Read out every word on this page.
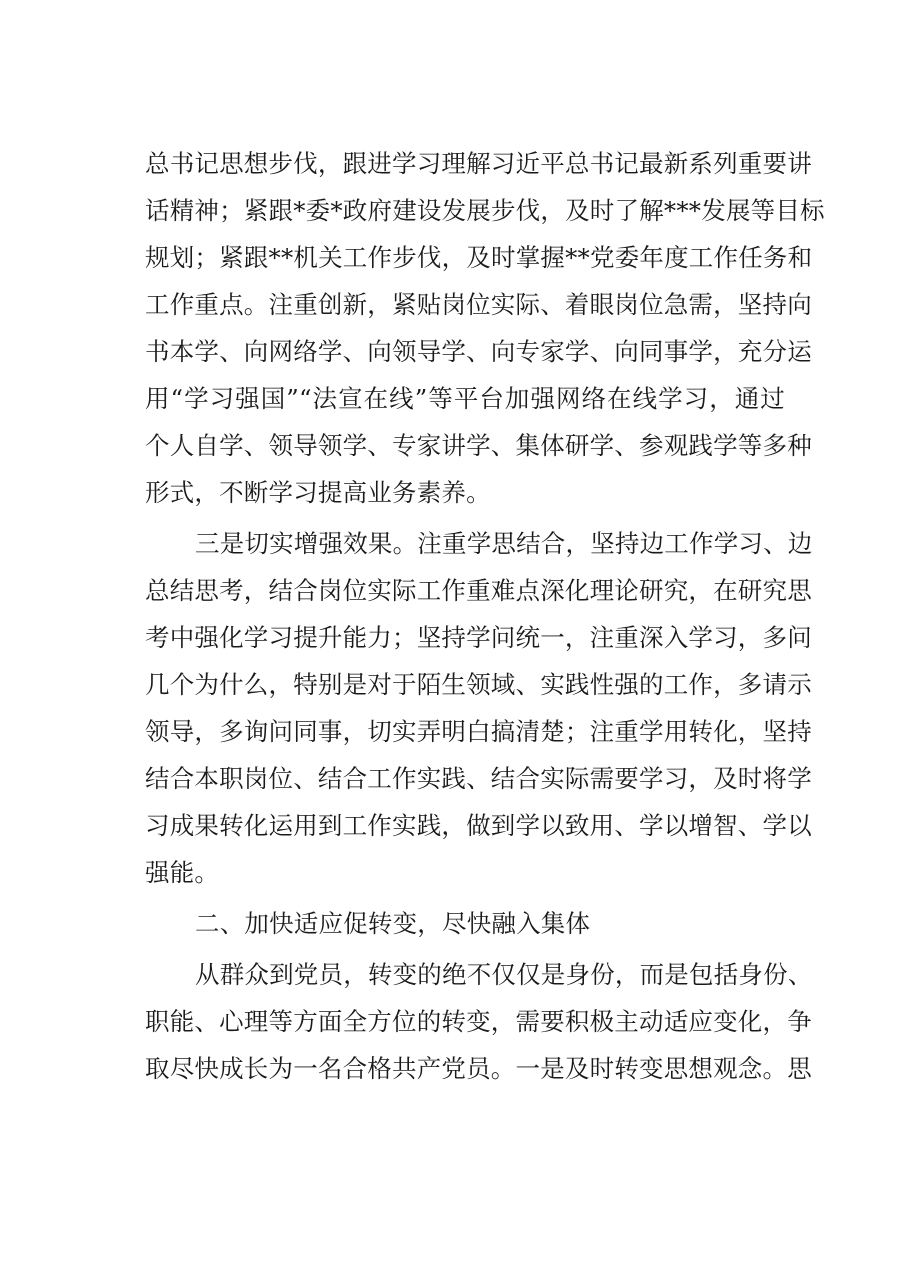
总书记思想步伐，跟进学习理解习近平总书记最新系列重要讲
话精神；紧跟*委*政府建设发展步伐，及时了解***发展等目标
规划；紧跟**机关工作步伐，及时掌握**党委年度工作任务和
工作重点。注重创新，紧贴岗位实际、着眼岗位急需，坚持向
书本学、向网络学、向领导学、向专家学、向同事学，充分运
用“学习强国”“法宣在线”等平台加强网络在线学习，通过
个人自学、领导领学、专家讲学、集体研学、参观践学等多种
形式，不断学习提高业务素养。
三是切实增强效果。注重学思结合，坚持边工作学习、边
总结思考，结合岗位实际工作重难点深化理论研究，在研究思
考中强化学习提升能力；坚持学问统一，注重深入学习，多问
几个为什么，特别是对于陌生领域、实践性强的工作，多请示
领导，多询问同事，切实弄明白搞清楚；注重学用转化，坚持
结合本职岗位、结合工作实践、结合实际需要学习，及时将学
习成果转化运用到工作实践，做到学以致用、学以增智、学以
强能。
二、加快适应促转变，尽快融入集体
从群众到党员，转变的绝不仅仅是身份，而是包括身份、
职能、心理等方面全方位的转变，需要积极主动适应变化，争
取尽快成长为一名合格共产党员。一是及时转变思想观念。思
